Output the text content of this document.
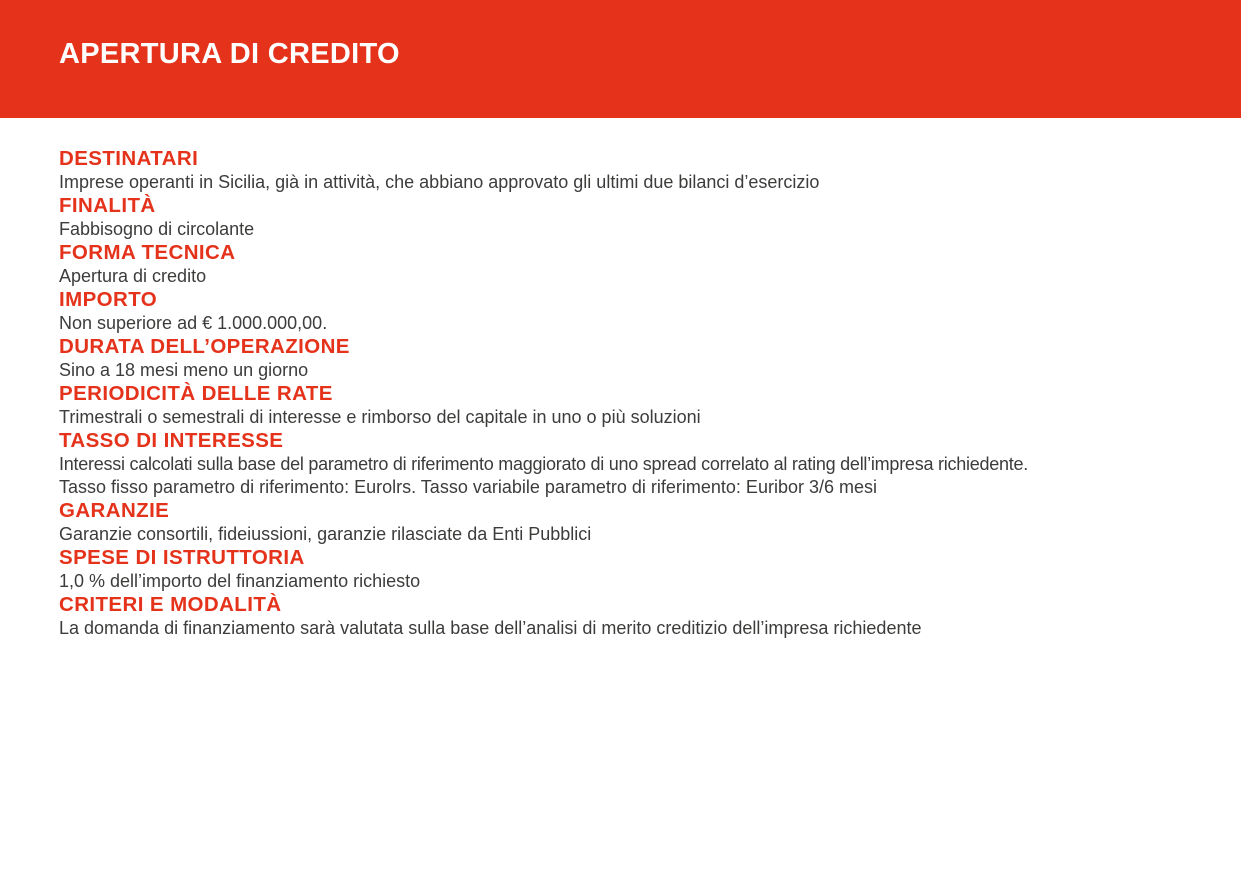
APERTURA DI CREDITO

DESTINATARI

Imprese operanti in Sicilia, già in attività, che abbiano approvato gli ultimi due bilanci d’esercizio

FINALITÀ

Fabbisogno di circolante

FORMA TECNICA

Apertura di credito

IMPORTO

Non superiore ad € 1.000.000,00.

DURATA DELL’OPERAZIONE

Sino a 18 mesi meno un giorno

PERIODICITÀ DELLE RATE

Trimestrali o semestrali di interesse e rimborso del capitale in uno o più soluzioni

TASSO DI INTERESSE

Interessi calcolati sulla base del parametro di riferimento maggiorato di uno spread correlato al rating dell’impresa richiedente.

Tasso fisso parametro di riferimento: Eurolrs. Tasso variabile parametro di riferimento: Euribor 3/6 mesi

GARANZIE

Garanzie consortili, fideiussioni, garanzie rilasciate da Enti Pubblici

SPESE DI ISTRUTTORIA

1,0 % dell’importo del finanziamento richiesto

CRITERI E MODALITÀ

La domanda di finanziamento sarà valutata sulla base dell’analisi di merito creditizio dell’impresa richiedente
